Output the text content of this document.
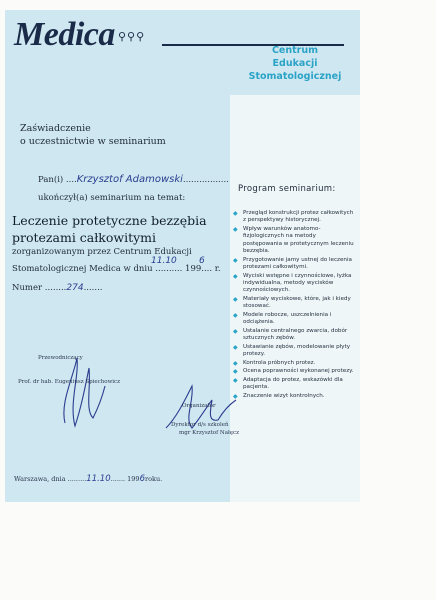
Medica ⚲⚲⚲
Centrum
Edukacji
Stomatologicznej
Zaświadczenie
o uczestnictwie w seminarium
Pan(i) ....Krzysztof Adamowski.................
ukończył(a) seminarium na temat:
Leczenie protetyczne bezzębia
protezami całkowitymi
zorganizowanym przez Centrum Edukacji
11.10 6
Stomatologicznej Medica w dniu .......... 199.... r.
Numer ........274.......
Przewodniczący
Prof. dr hab. Eugeniusz Spiechowicz
Organizator
Dyrektor d/s szkoleń
mgr Krzysztof Nałęcz
Warszawa, dnia .........11.10....... 1996roku.
Program seminarium:
◆ Przegląd konstrukcji protez całkowitych z perspektywy historycznej.
◆ Wpływ warunków anatomo-fizjologicznych na metody postępowania w protetycznym leczeniu bezzębia.
◆ Przygotowanie jamy ustnej do leczenia protezami całkowitymi.
◆ Wyciski wstępne i czynnościowe, łyżka indywidualna, metody wycisków czynnościowych.
◆ Materiały wyciskowe, które, jak i kiedy stosować.
◆ Modele robocze, uszczelnienia i odciążenia.
◆ Ustalanie centralnego zwarcia, dobór sztucznych zębów.
◆ Ustawianie zębów, modelowanie płyty protezy.
◆ Kontrola próbnych protez.
◆ Ocena poprawności wykonanej protezy.
◆ Adaptacja do protez, wskazówki dla pacjenta.
◆ Znaczenie wizyt kontrolnych.
